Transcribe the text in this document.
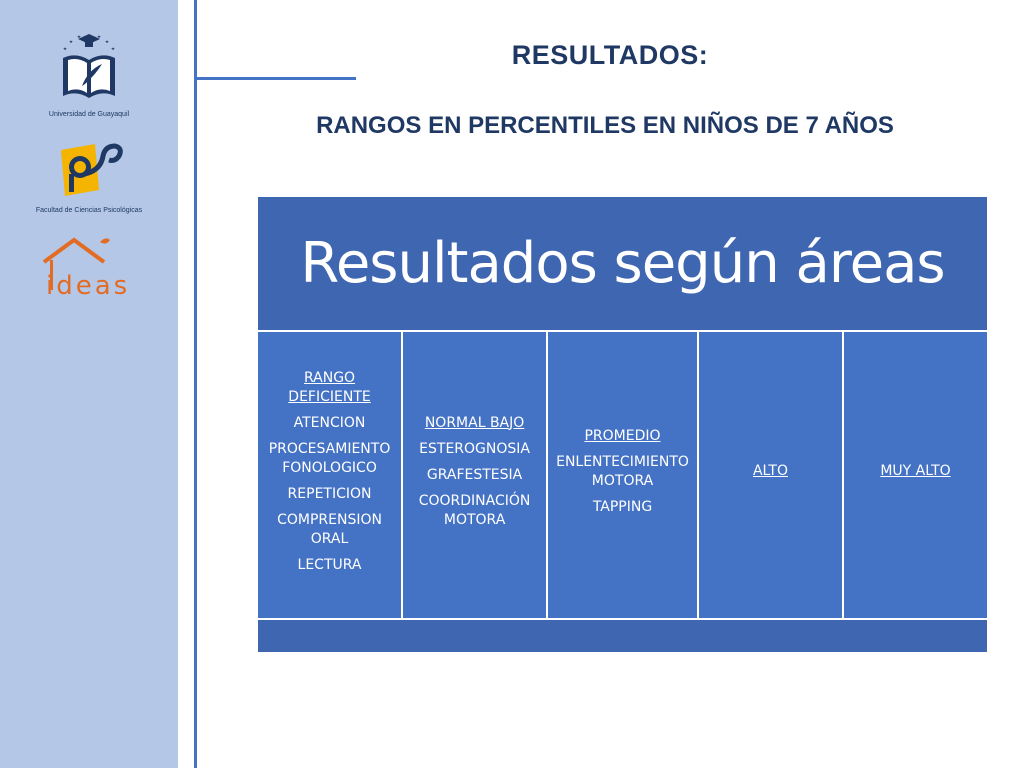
Universidad de Guayaquil
Facultad de Ciencias Psicológicas
ideas
RESULTADOS:
RANGOS EN PERCENTILES EN NIÑOS DE 7 AÑOS
Resultados según áreas
RANGO DEFICIENTE
ATENCION
PROCESAMIENTO FONOLOGICO
REPETICION
COMPRENSION ORAL
LECTURA
NORMAL BAJO
ESTEROGNOSIA
GRAFESTESIA
COORDINACIÓN MOTORA
PROMEDIO
ENLENTECIMIENTO MOTORA
TAPPING
ALTO	MUY ALTO
